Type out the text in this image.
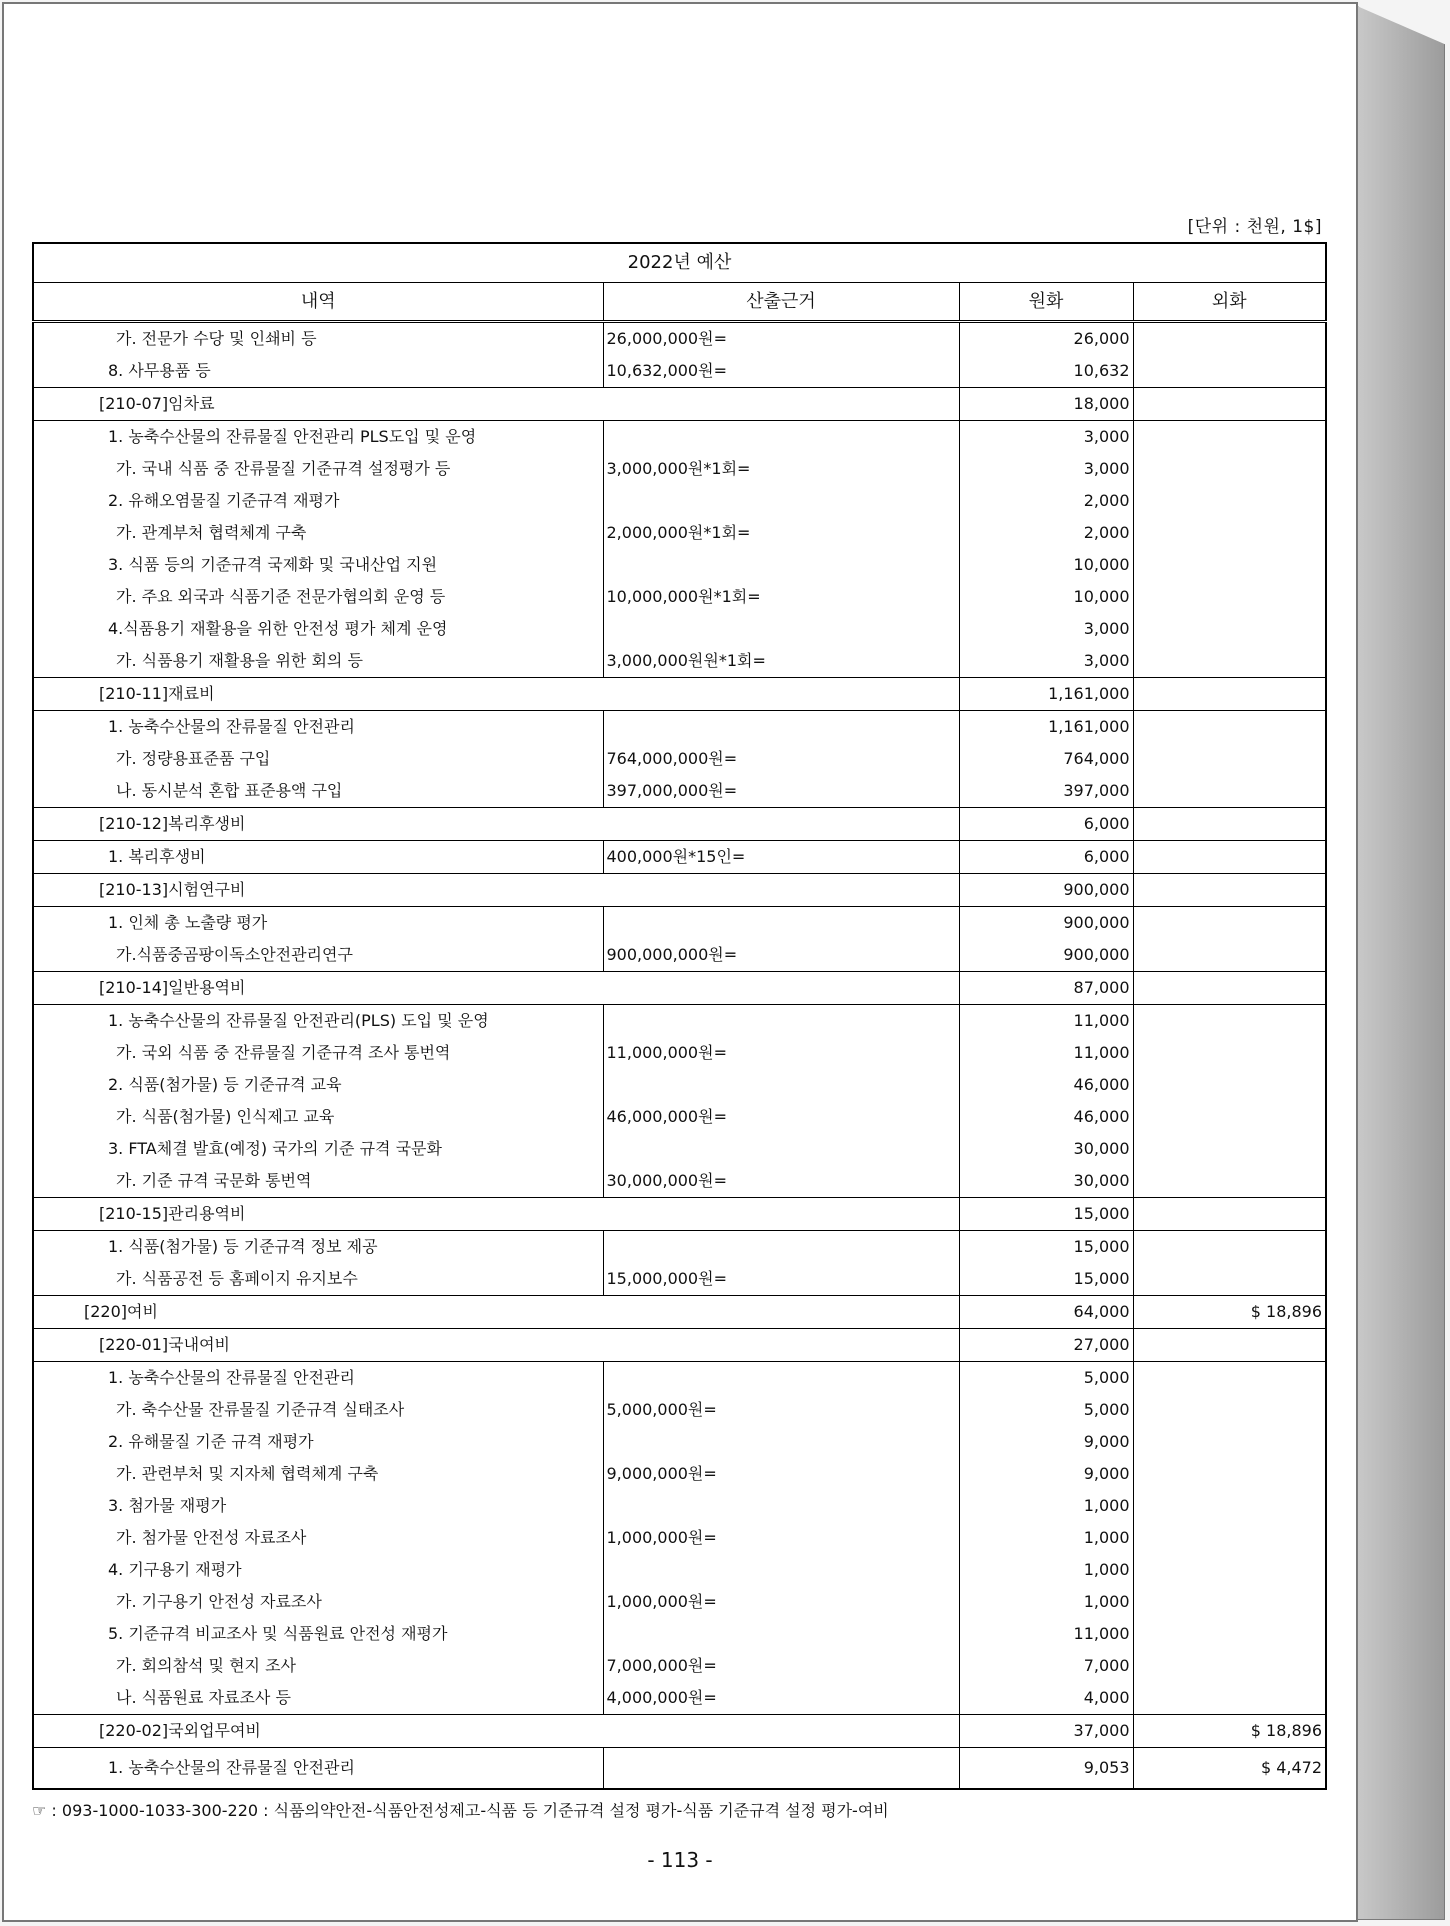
[단위 : 천원, 1$]
2022년 예산			
내역	산출근거	원화	외화
가. 전문가 수당 및 인쇄비 등	26,000,000원=	26,000	
8. 사무용품 등	10,632,000원=	10,632	
[210-07]임차료		18,000	
1. 농축수산물의 잔류물질 안전관리 PLS도입 및 운영		3,000	
가. 국내 식품 중 잔류물질 기준규격 설정평가 등	3,000,000원*1회=	3,000	
2. 유해오염물질 기준규격 재평가		2,000	
가. 관계부처 협력체계 구축	2,000,000원*1회=	2,000	
3. 식품 등의 기준규격 국제화 및 국내산업 지원		10,000	
가. 주요 외국과 식품기준 전문가협의회 운영 등	10,000,000원*1회=	10,000	
4.식품용기 재활용을 위한 안전성 평가 체계 운영		3,000	
가. 식품용기 재활용을 위한 회의 등	3,000,000원원*1회=	3,000	
[210-11]재료비		1,161,000	
1. 농축수산물의 잔류물질 안전관리		1,161,000	
가. 정량용표준품 구입	764,000,000원=	764,000	
나. 동시분석 혼합 표준용액 구입	397,000,000원=	397,000	
[210-12]복리후생비		6,000	
1. 복리후생비	400,000원*15인=	6,000	
[210-13]시험연구비		900,000	
1. 인체 총 노출량 평가		900,000	
가.식품중곰팡이독소안전관리연구	900,000,000원=	900,000	
[210-14]일반용역비		87,000	
1. 농축수산물의 잔류물질 안전관리(PLS) 도입 및 운영		11,000	
가. 국외 식품 중 잔류물질 기준규격 조사 통번역	11,000,000원=	11,000	
2. 식품(첨가물) 등 기준규격 교육		46,000	
가. 식품(첨가물) 인식제고 교육	46,000,000원=	46,000	
3. FTA체결 발효(예정) 국가의 기준 규격 국문화		30,000	
가. 기준 규격 국문화 통번역	30,000,000원=	30,000	
[210-15]관리용역비		15,000	
1. 식품(첨가물) 등 기준규격 정보 제공		15,000	
가. 식품공전 등 홈페이지 유지보수	15,000,000원=	15,000	
[220]여비		64,000	$ 18,896
[220-01]국내여비		27,000	
1. 농축수산물의 잔류물질 안전관리		5,000	
가. 축수산물 잔류물질 기준규격 실태조사	5,000,000원=	5,000	
2. 유해물질 기준 규격 재평가		9,000	
가. 관련부처 및 지자체 협력체계 구축	9,000,000원=	9,000	
3. 첨가물 재평가		1,000	
가. 첨가물 안전성 자료조사	1,000,000원=	1,000	
4. 기구용기 재평가		1,000	
가. 기구용기 안전성 자료조사	1,000,000원=	1,000	
5. 기준규격 비교조사 및 식품원료 안전성 재평가		11,000	
가. 회의참석 및 현지 조사	7,000,000원=	7,000	
나. 식품원료 자료조사 등	4,000,000원=	4,000	
[220-02]국외업무여비		37,000	$ 18,896
1. 농축수산물의 잔류물질 안전관리		9,053	$ 4,472
☞ : 093-1000-1033-300-220 : 식품의약안전-식품안전성제고-식품 등 기준규격 설정 평가-식품 기준규격 설정 평가-여비
- 113 -
